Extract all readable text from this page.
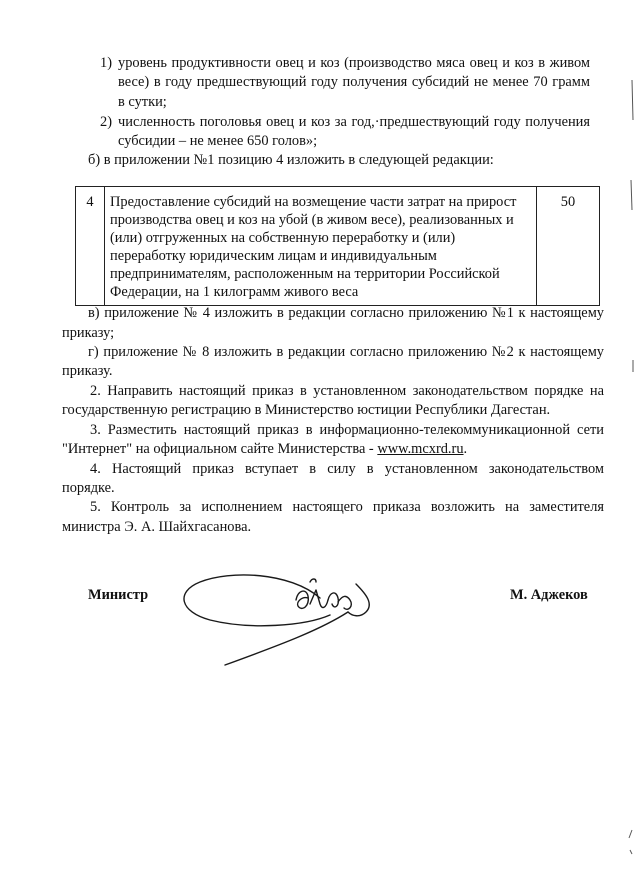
1) уровень продуктивности овец и коз (производство мяса овец и коз в живом
весе) в году предшествующий году получения субсидий не менее 70 грамм
в сутки;
2) численность поголовья овец и коз за год,·предшествующий году получения
субсидии – не менее 650 голов»;
б) в приложении №1 позицию 4 изложить в следующей редакции:
4	Предоставление субсидий на возмещение части затрат на прирост
производства овец и коз на убой (в живом весе), реализованных и
(или) отгруженных на собственную переработку и (или)
переработку юридическим лицам и индивидуальным
предпринимателям, расположенным на территории Российской
Федерации, на 1 килограмм живого веса
	50
в) приложение № 4 изложить в редакции согласно приложению №1 к настоящему
приказу;
г) приложение № 8 изложить в редакции согласно приложению №2 к настоящему
приказу.
2. Направить настоящий приказ в установленном законодательством порядке на
государственную регистрацию в Министерство юстиции Республики Дагестан.
3. Разместить настоящий приказ в информационно-телекоммуникационной сети
"Интернет" на официальном сайте Министерства - www.mcxrd.ru.
4. Настоящий приказ вступает в силу в установленном законодательством
порядке.
5. Контроль за исполнением настоящего приказа возложить на заместителя
министра Э. А. Шайхгасанова.
Министр	М. Аджеков
